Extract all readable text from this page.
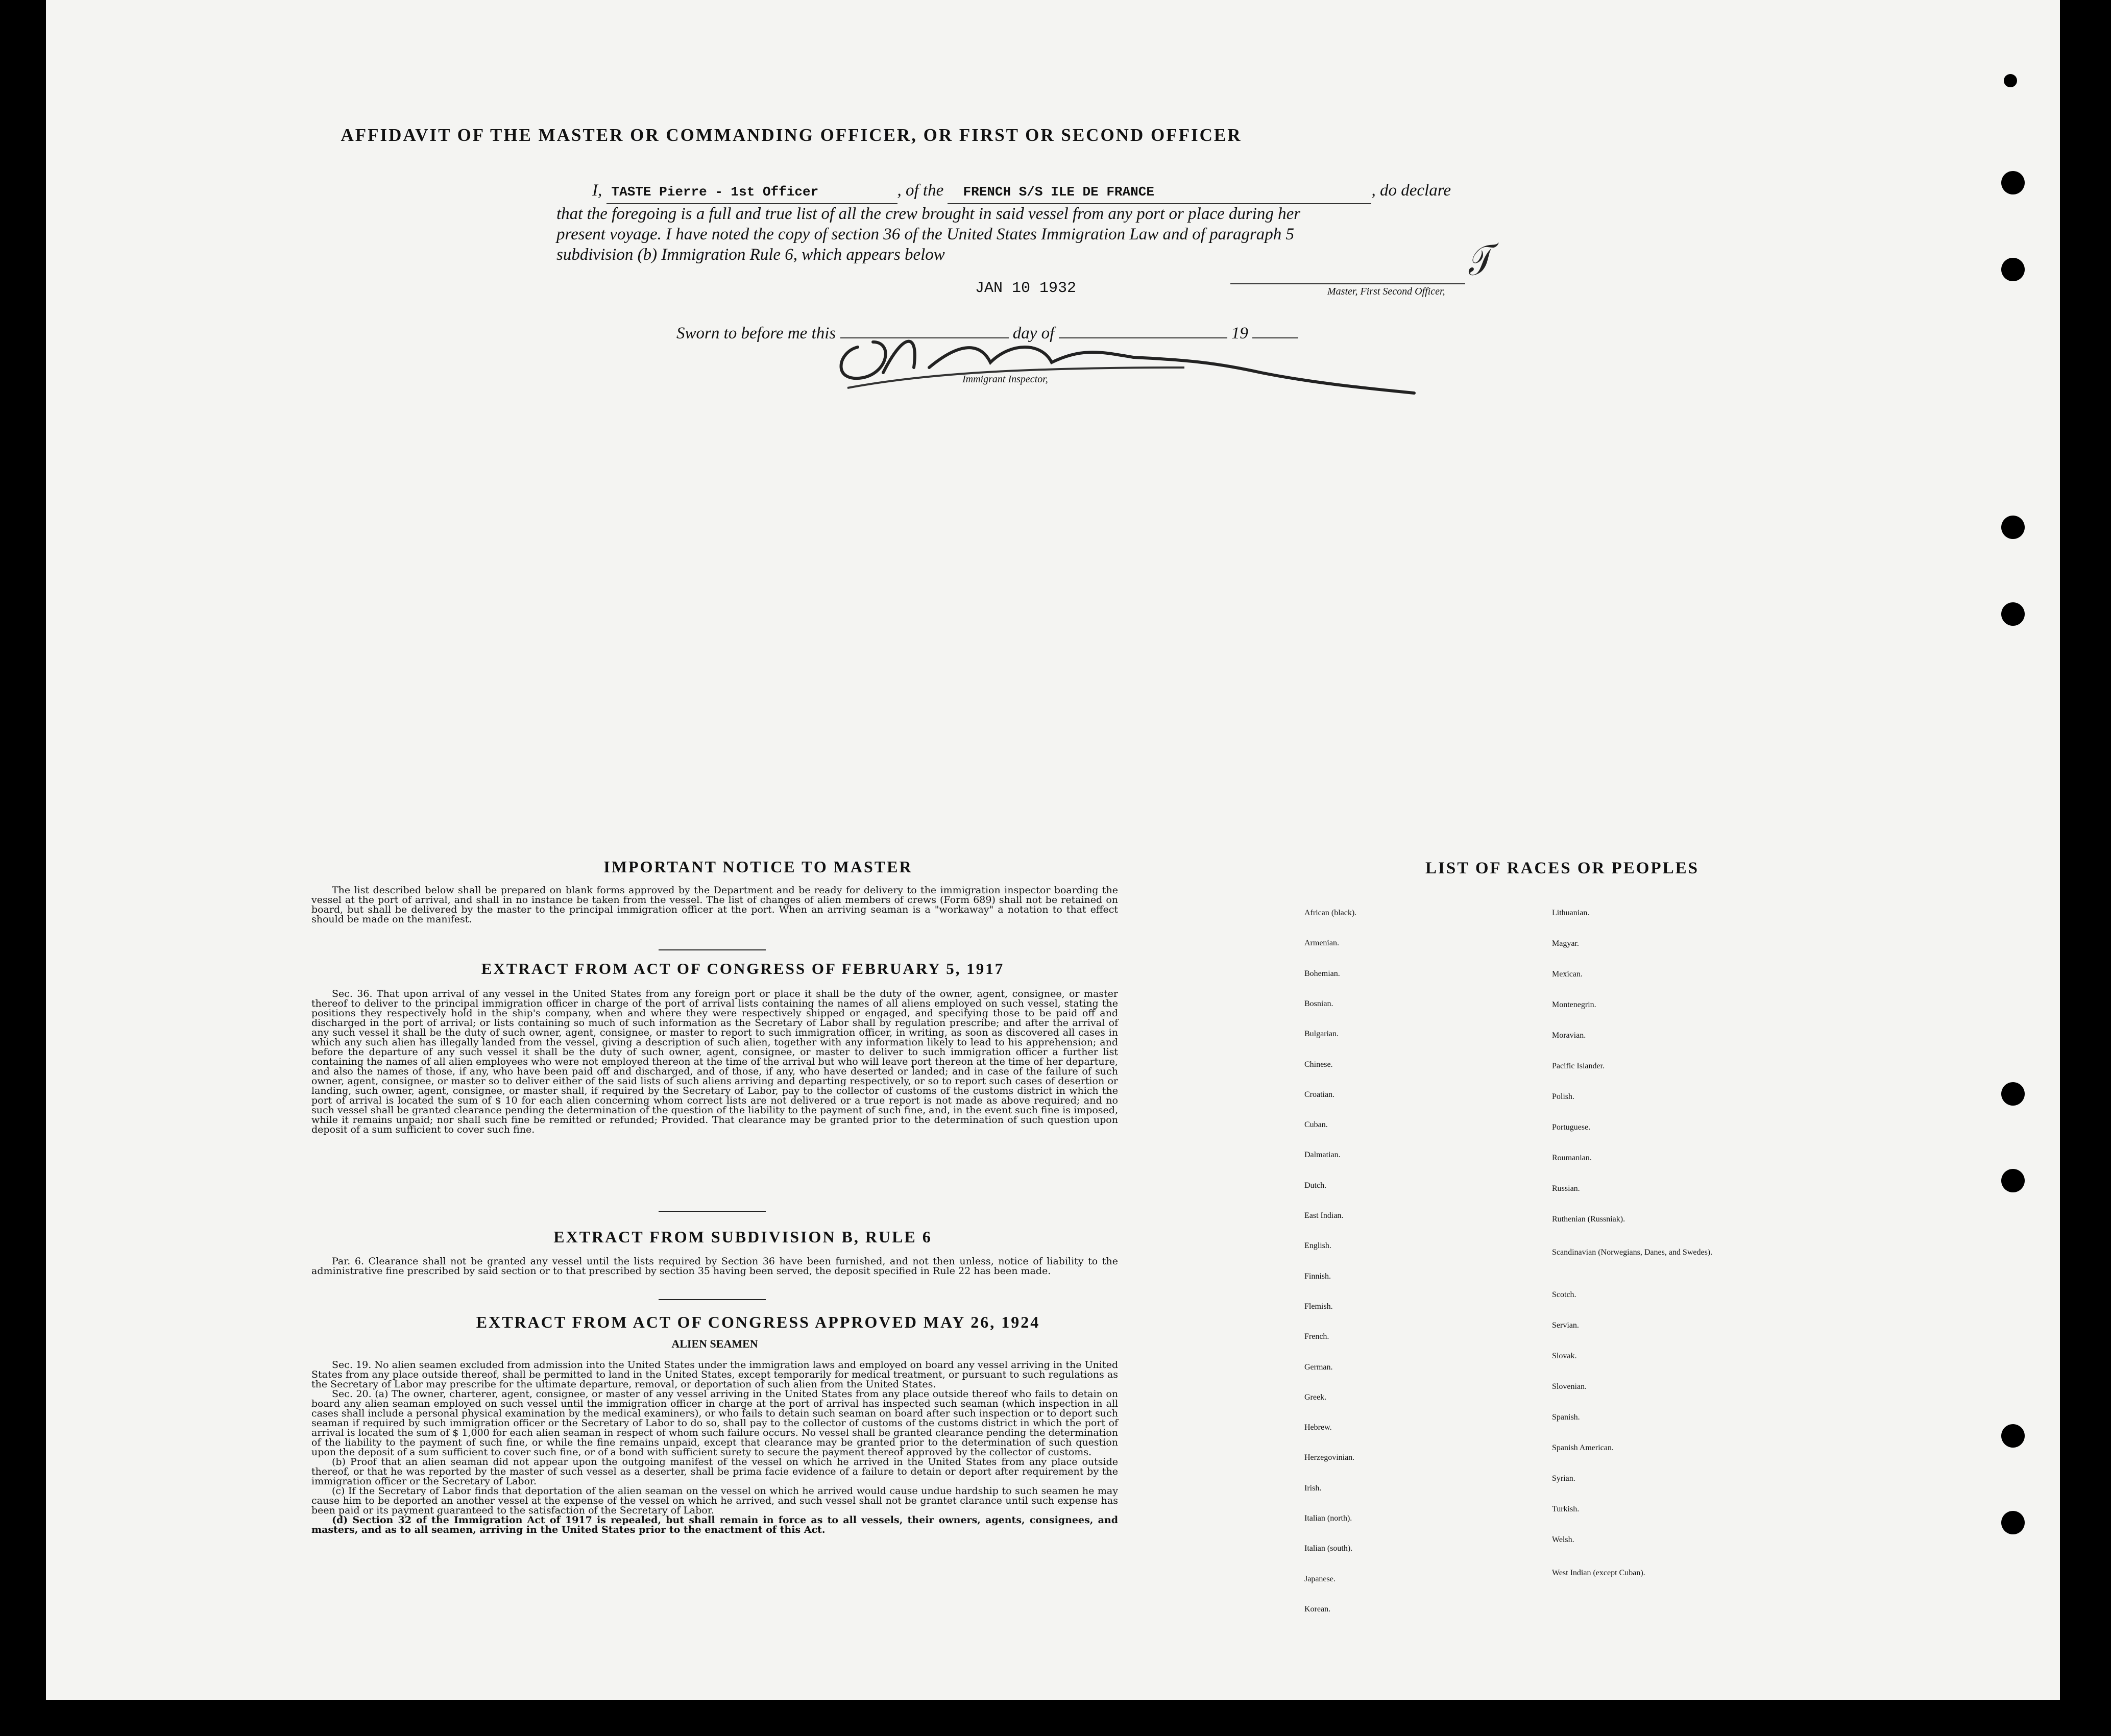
AFFIDAVIT OF THE MASTER OR COMMANDING OFFICER, OR FIRST OR SECOND OFFICER
I, TASTE Pierre - 1st Officer	, of the FRENCH S/S ILE DE FRANCE	, do declare
that the foregoing is a full and true list of all the crew brought in said vessel from any port or place during her
present voyage. I have noted the copy of section 36 of the United States Immigration Law and of paragraph 5
subdivision (b) Immigration Rule 6, which appears below
JAN 10 1932	Master, First Second Officer,
𝒯
Sworn to before me this	day of	19
Immigrant Inspector,

IMPORTANT NOTICE TO MASTER

The list described below shall be prepared on blank forms approved by the Department and be ready for delivery to the immigration inspector boarding the vessel at the port of arrival, and shall in no instance be taken from the vessel. The list of changes of alien members of crews (Form 689) shall not be retained on board, but shall be delivered by the master to the principal immigration officer at the port. When an arriving seaman is a "workaway" a notation to that effect should be made on the manifest.

EXTRACT FROM ACT OF CONGRESS OF FEBRUARY 5, 1917

Sec. 36. That upon arrival of any vessel in the United States from any foreign port or place it shall be the duty of the owner, agent, consignee, or master thereof to deliver to the principal immigration officer in charge of the port of arrival lists containing the names of all aliens employed on such vessel, stating the positions they respectively hold in the ship's company, when and where they were respectively shipped or engaged, and specifying those to be paid off and discharged in the port of arrival; or lists containing so much of such information as the Secretary of Labor shall by regulation prescribe; and after the arrival of any such vessel it shall be the duty of such owner, agent, consignee, or master to report to such immigration officer, in writing, as soon as discovered all cases in which any such alien has illegally landed from the vessel, giving a description of such alien, together with any information likely to lead to his apprehension; and before the departure of any such vessel it shall be the duty of such owner, agent, consignee, or master to deliver to such immigration officer a further list containing the names of all alien employees who were not employed thereon at the time of the arrival but who will leave port thereon at the time of her departure, and also the names of those, if any, who have been paid off and discharged, and of those, if any, who have deserted or landed; and in case of the failure of such owner, agent, consignee, or master so to deliver either of the said lists of such aliens arriving and departing respectively, or so to report such cases of desertion or landing, such owner, agent, consignee, or master shall, if required by the Secretary of Labor, pay to the collector of customs of the customs district in which the port of arrival is located the sum of $ 10 for each alien concerning whom correct lists are not delivered or a true report is not made as above required; and no such vessel shall be granted clearance pending the determination of the question of the liability to the payment of such fine, and, in the event such fine is imposed, while it remains unpaid; nor shall such fine be remitted or refunded; Provided. That clearance may be granted prior to the determination of such question upon deposit of a sum sufficient to cover such fine.

EXTRACT FROM SUBDIVISION B, RULE 6

Par. 6. Clearance shall not be granted any vessel until the lists required by Section 36 have been furnished, and not then unless, notice of liability to the administrative fine prescribed by said section or to that prescribed by section 35 having been served, the deposit specified in Rule 22 has been made.

EXTRACT FROM ACT OF CONGRESS APPROVED MAY 26, 1924
ALIEN SEAMEN

Sec. 19. No alien seamen excluded from admission into the United States under the immigration laws and employed on board any vessel arriving in the United States from any place outside thereof, shall be permitted to land in the United States, except temporarily for medical treatment, or pursuant to such regulations as the Secretary of Labor may prescribe for the ultimate departure, removal, or deportation of such alien from the United States.

Sec. 20. (a) The owner, charterer, agent, consignee, or master of any vessel arriving in the United States from any place outside thereof who fails to detain on board any alien seaman employed on such vessel until the immigration officer in charge at the port of arrival has inspected such seaman (which inspection in all cases shall include a personal physical examination by the medical examiners), or who fails to detain such seaman on board after such inspection or to deport such seaman if required by such immigration officer or the Secretary of Labor to do so, shall pay to the collector of customs of the customs district in which the port of arrival is located the sum of $ 1,000 for each alien seaman in respect of whom such failure occurs. No vessel shall be granted clearance pending the determination of the liability to the payment of such fine, or while the fine remains unpaid, except that clearance may be granted prior to the determination of such question upon the deposit of a sum sufficient to cover such fine, or of a bond with sufficient surety to secure the payment thereof approved by the collector of customs.

(b) Proof that an alien seaman did not appear upon the outgoing manifest of the vessel on which he arrived in the United States from any place outside thereof, or that he was reported by the master of such vessel as a deserter, shall be prima facie evidence of a failure to detain or deport after requirement by the immigration officer or the Secretary of Labor.

(c) If the Secretary of Labor finds that deportation of the alien seaman on the vessel on which he arrived would cause undue hardship to such seamen he may cause him to be deported an another vessel at the expense of the vessel on which he arrived, and such vessel shall not be grantet clarance until such expense has been paid or its payment guaranteed to the satisfaction of the Secretary of Labor.

(d) Section 32 of the Immigration Act of 1917 is repealed, but shall remain in force as to all vessels, their owners, agents, consignees, and masters, and as to all seamen, arriving in the United States prior to the enactment of this Act.

LIST OF RACES OR PEOPLES
African (black).
Armenian.
Bohemian.
Bosnian.
Bulgarian.
Chinese.
Croatian.
Cuban.
Dalmatian.
Dutch.
East Indian.
English.
Finnish.
Flemish.
French.
German.
Greek.
Hebrew.
Herzegovinian.
Irish.
Italian (north).
Italian (south).
Japanese.
Korean.
Lithuanian.
Magyar.
Mexican.
Montenegrin.
Moravian.
Pacific Islander.
Polish.
Portuguese.
Roumanian.
Russian.
Ruthenian (Russniak).
Scandinavian (Norwegians, Danes, and Swedes).
Scotch.
Servian.
Slovak.
Slovenian.
Spanish.
Spanish American.
Syrian.
Turkish.
Welsh.
West Indian (except Cuban).
